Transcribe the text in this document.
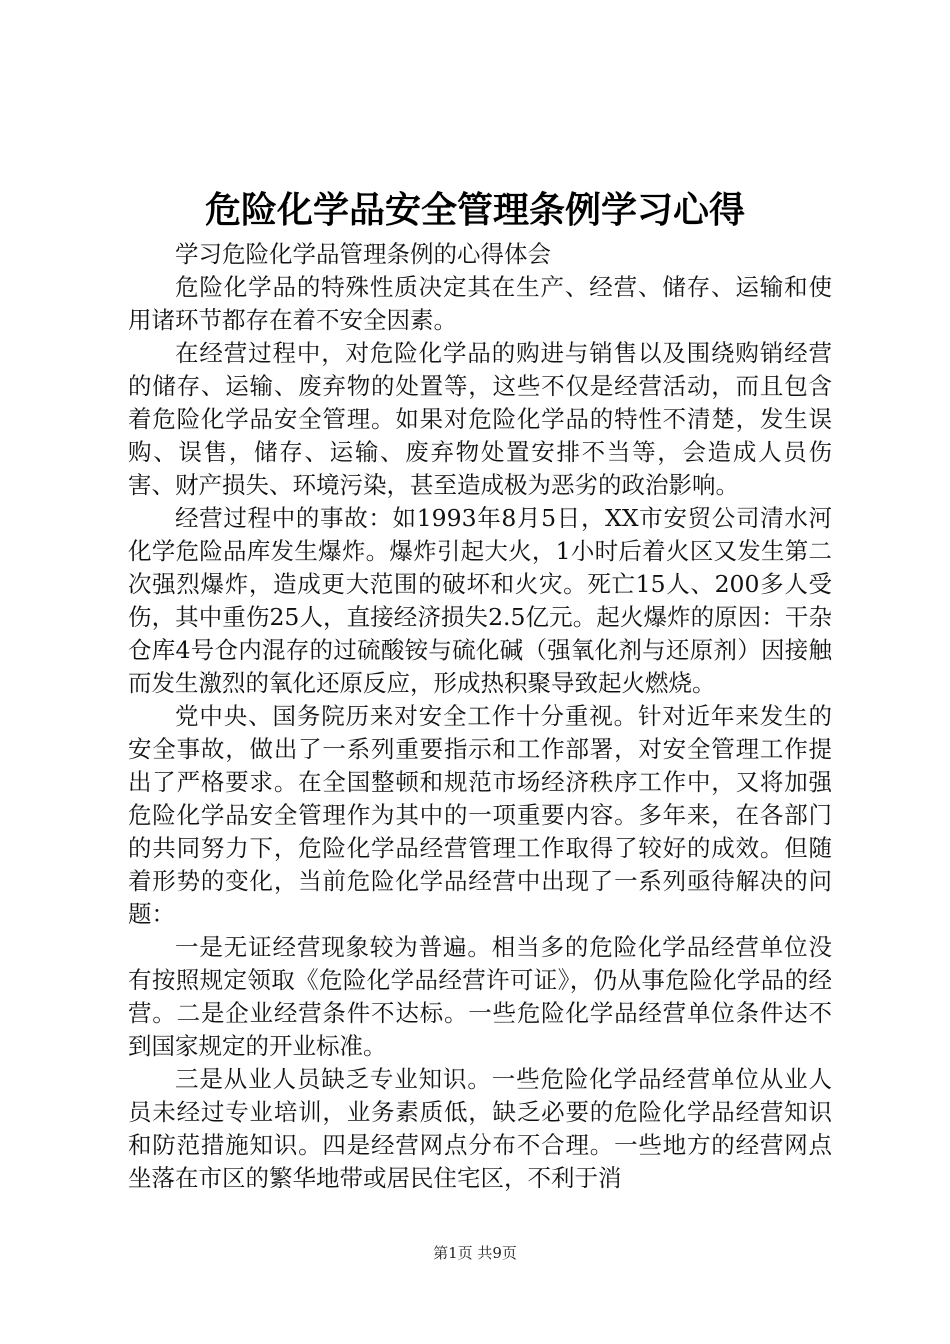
危险化学品安全管理条例学习心得

学习危险化学品管理条例的心得体会

危险化学品的特殊性质决定其在生产、经营、储存、运输和使用诸环节都存在着不安全因素。

在经营过程中，对危险化学品的购进与销售以及围绕购销经营的储存、运输、废弃物的处置等，这些不仅是经营活动，而且包含着危险化学品安全管理。如果对危险化学品的特性不清楚，发生误购、误售，储存、运输、废弃物处置安排不当等，会造成人员伤害、财产损失、环境污染，甚至造成极为恶劣的政治影响。

经营过程中的事故：如1993年8月5日，XX市安贸公司清水河化学危险品库发生爆炸。爆炸引起大火，1小时后着火区又发生第二次强烈爆炸，造成更大范围的破坏和火灾。死亡15人、200多人受伤，其中重伤25人，直接经济损失2.5亿元。起火爆炸的原因：干杂仓库4号仓内混存的过硫酸铵与硫化碱（强氧化剂与还原剂）因接触而发生激烈的氧化还原反应，形成热积聚导致起火燃烧。

党中央、国务院历来对安全工作十分重视。针对近年来发生的安全事故，做出了一系列重要指示和工作部署，对安全管理工作提出了严格要求。在全国整顿和规范市场经济秩序工作中，又将加强危险化学品安全管理作为其中的一项重要内容。多年来，在各部门的共同努力下，危险化学品经营管理工作取得了较好的成效。但随着形势的变化，当前危险化学品经营中出现了一系列亟待解决的问题：

一是无证经营现象较为普遍。相当多的危险化学品经营单位没有按照规定领取《危险化学品经营许可证》，仍从事危险化学品的经营。二是企业经营条件不达标。一些危险化学品经营单位条件达不到国家规定的开业标准。

三是从业人员缺乏专业知识。一些危险化学品经营单位从业人员未经过专业培训，业务素质低，缺乏必要的危险化学品经营知识和防范措施知识。四是经营网点分布不合理。一些地方的经营网点坐落在市区的繁华地带或居民住宅区，不利于消

第1页 共9页
